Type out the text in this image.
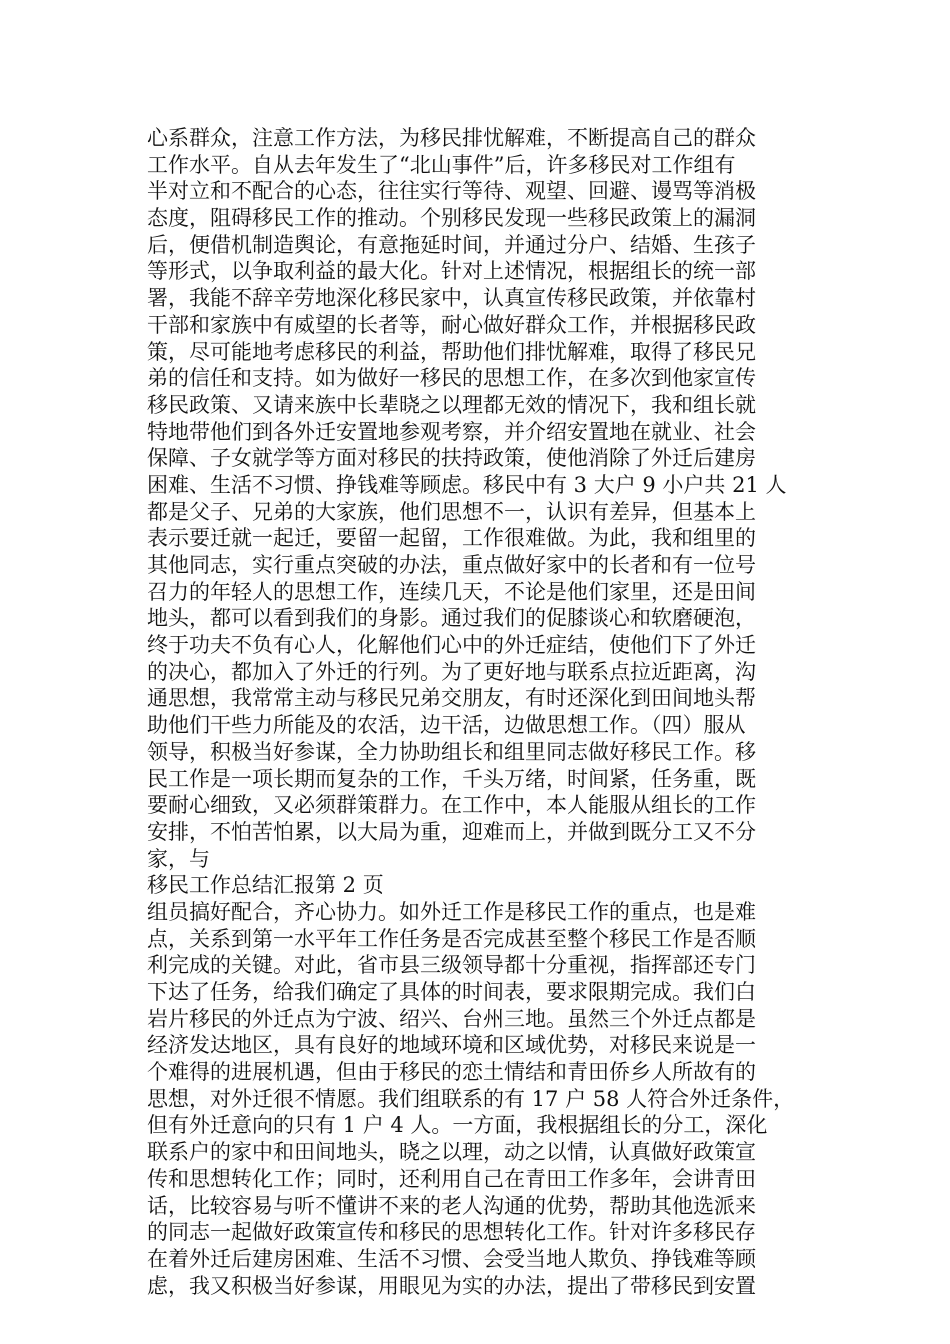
心系群众，注意工作方法，为移民排忧解难，不断提高自己的群众
工作水平。自从去年发生了“北山事件”后，许多移民对工作组有
半对立和不配合的心态，往往实行等待、观望、回避、谩骂等消极
态度，阻碍移民工作的推动。个别移民发现一些移民政策上的漏洞
后，便借机制造舆论，有意拖延时间，并通过分户、结婚、生孩子
等形式，以争取利益的最大化。针对上述情况，根据组长的统一部
署，我能不辞辛劳地深化移民家中，认真宣传移民政策，并依靠村
干部和家族中有威望的长者等，耐心做好群众工作，并根据移民政
策，尽可能地考虑移民的利益，帮助他们排忧解难，取得了移民兄
弟的信任和支持。如为做好一移民的思想工作，在多次到他家宣传
移民政策、又请来族中长辈晓之以理都无效的情况下，我和组长就
特地带他们到各外迁安置地参观考察，并介绍安置地在就业、社会
保障、子女就学等方面对移民的扶持政策，使他消除了外迁后建房
困难、生活不习惯、挣钱难等顾虑。移民中有 3 大户 9 小户共 21 人
都是父子、兄弟的大家族，他们思想不一，认识有差异，但基本上
表示要迁就一起迁，要留一起留，工作很难做。为此，我和组里的
其他同志，实行重点突破的办法，重点做好家中的长者和有一位号
召力的年轻人的思想工作，连续几天，不论是他们家里，还是田间
地头，都可以看到我们的身影。通过我们的促膝谈心和软磨硬泡，
终于功夫不负有心人，化解他们心中的外迁症结，使他们下了外迁
的决心，都加入了外迁的行列。为了更好地与联系点拉近距离，沟
通思想，我常常主动与移民兄弟交朋友，有时还深化到田间地头帮
助他们干些力所能及的农活，边干活，边做思想工作。（四）服从
领导，积极当好参谋，全力协助组长和组里同志做好移民工作。移
民工作是一项长期而复杂的工作，千头万绪，时间紧，任务重，既
要耐心细致，又必须群策群力。在工作中，本人能服从组长的工作
安排，不怕苦怕累，以大局为重，迎难而上，并做到既分工又不分
家，与
移民工作总结汇报第 2 页
组员搞好配合，齐心协力。如外迁工作是移民工作的重点，也是难
点，关系到第一水平年工作任务是否完成甚至整个移民工作是否顺
利完成的关键。对此，省市县三级领导都十分重视，指挥部还专门
下达了任务，给我们确定了具体的时间表，要求限期完成。我们白
岩片移民的外迁点为宁波、绍兴、台州三地。虽然三个外迁点都是
经济发达地区，具有良好的地域环境和区域优势，对移民来说是一
个难得的进展机遇，但由于移民的恋土情结和青田侨乡人所故有的
思想，对外迁很不情愿。我们组联系的有 17 户 58 人符合外迁条件，
但有外迁意向的只有 1 户 4 人。一方面，我根据组长的分工，深化
联系户的家中和田间地头，晓之以理，动之以情，认真做好政策宣
传和思想转化工作；同时，还利用自己在青田工作多年，会讲青田
话，比较容易与听不懂讲不来的老人沟通的优势，帮助其他选派来
的同志一起做好政策宣传和移民的思想转化工作。针对许多移民存
在着外迁后建房困难、生活不习惯、会受当地人欺负、挣钱难等顾
虑，我又积极当好参谋，用眼见为实的办法，提出了带移民到安置
